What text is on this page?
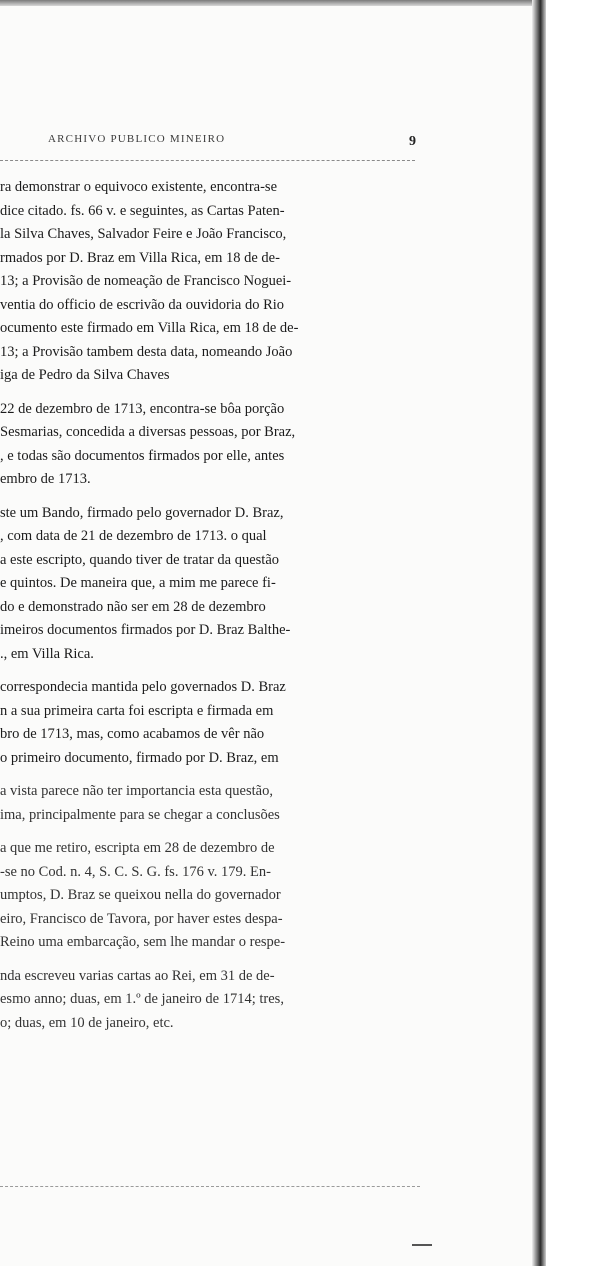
ARCHIVO PUBLICO MINEIRO	9
ra demonstrar o equivoco existente, encontra-se
dice citado. fs. 66 v. e seguintes, as Cartas Paten-
la Silva Chaves, Salvador Feire e João Francisco,
rmados por D. Braz em Villa Rica, em 18 de de-
13; a Provisão de nomeação de Francisco Noguei-
ventia do officio de escrivão da ouvidoria do Rio
ocumento este firmado em Villa Rica, em 18 de de-
13; a Provisão tambem desta data, nomeando João
iga de Pedro da Silva Chaves
22 de dezembro de 1713, encontra-se bôa porção
Sesmarias, concedida a diversas pessoas, por Braz,
, e todas são documentos firmados por elle, antes
embro de 1713.
ste um Bando, firmado pelo governador D. Braz,
, com data de 21 de dezembro de 1713. o qual
a este escripto, quando tiver de tratar da questão
e quintos. De maneira que, a mim me parece fi-
do e demonstrado não ser em 28 de dezembro
imeiros documentos firmados por D. Braz Balthe-
., em Villa Rica.
correspondecia mantida pelo governados D. Braz
n a sua primeira carta foi escripta e firmada em
bro de 1713, mas, como acabamos de vêr não
o primeiro documento, firmado por D. Braz, em
a vista parece não ter importancia esta questão,
ima, principalmente para se chegar a conclusões
a que me retiro, escripta em 28 de dezembro de
-se no Cod. n. 4, S. C. S. G. fs. 176 v. 179. En-
umptos, D. Braz se queixou nella do governador
eiro, Francisco de Tavora, por haver estes despa-
Reino uma embarcação, sem lhe mandar o respe-
nda escreveu varias cartas ao Rei, em 31 de de-
esmo anno; duas, em 1.º de janeiro de 1714; tres,
o; duas, em 10 de janeiro, etc.
